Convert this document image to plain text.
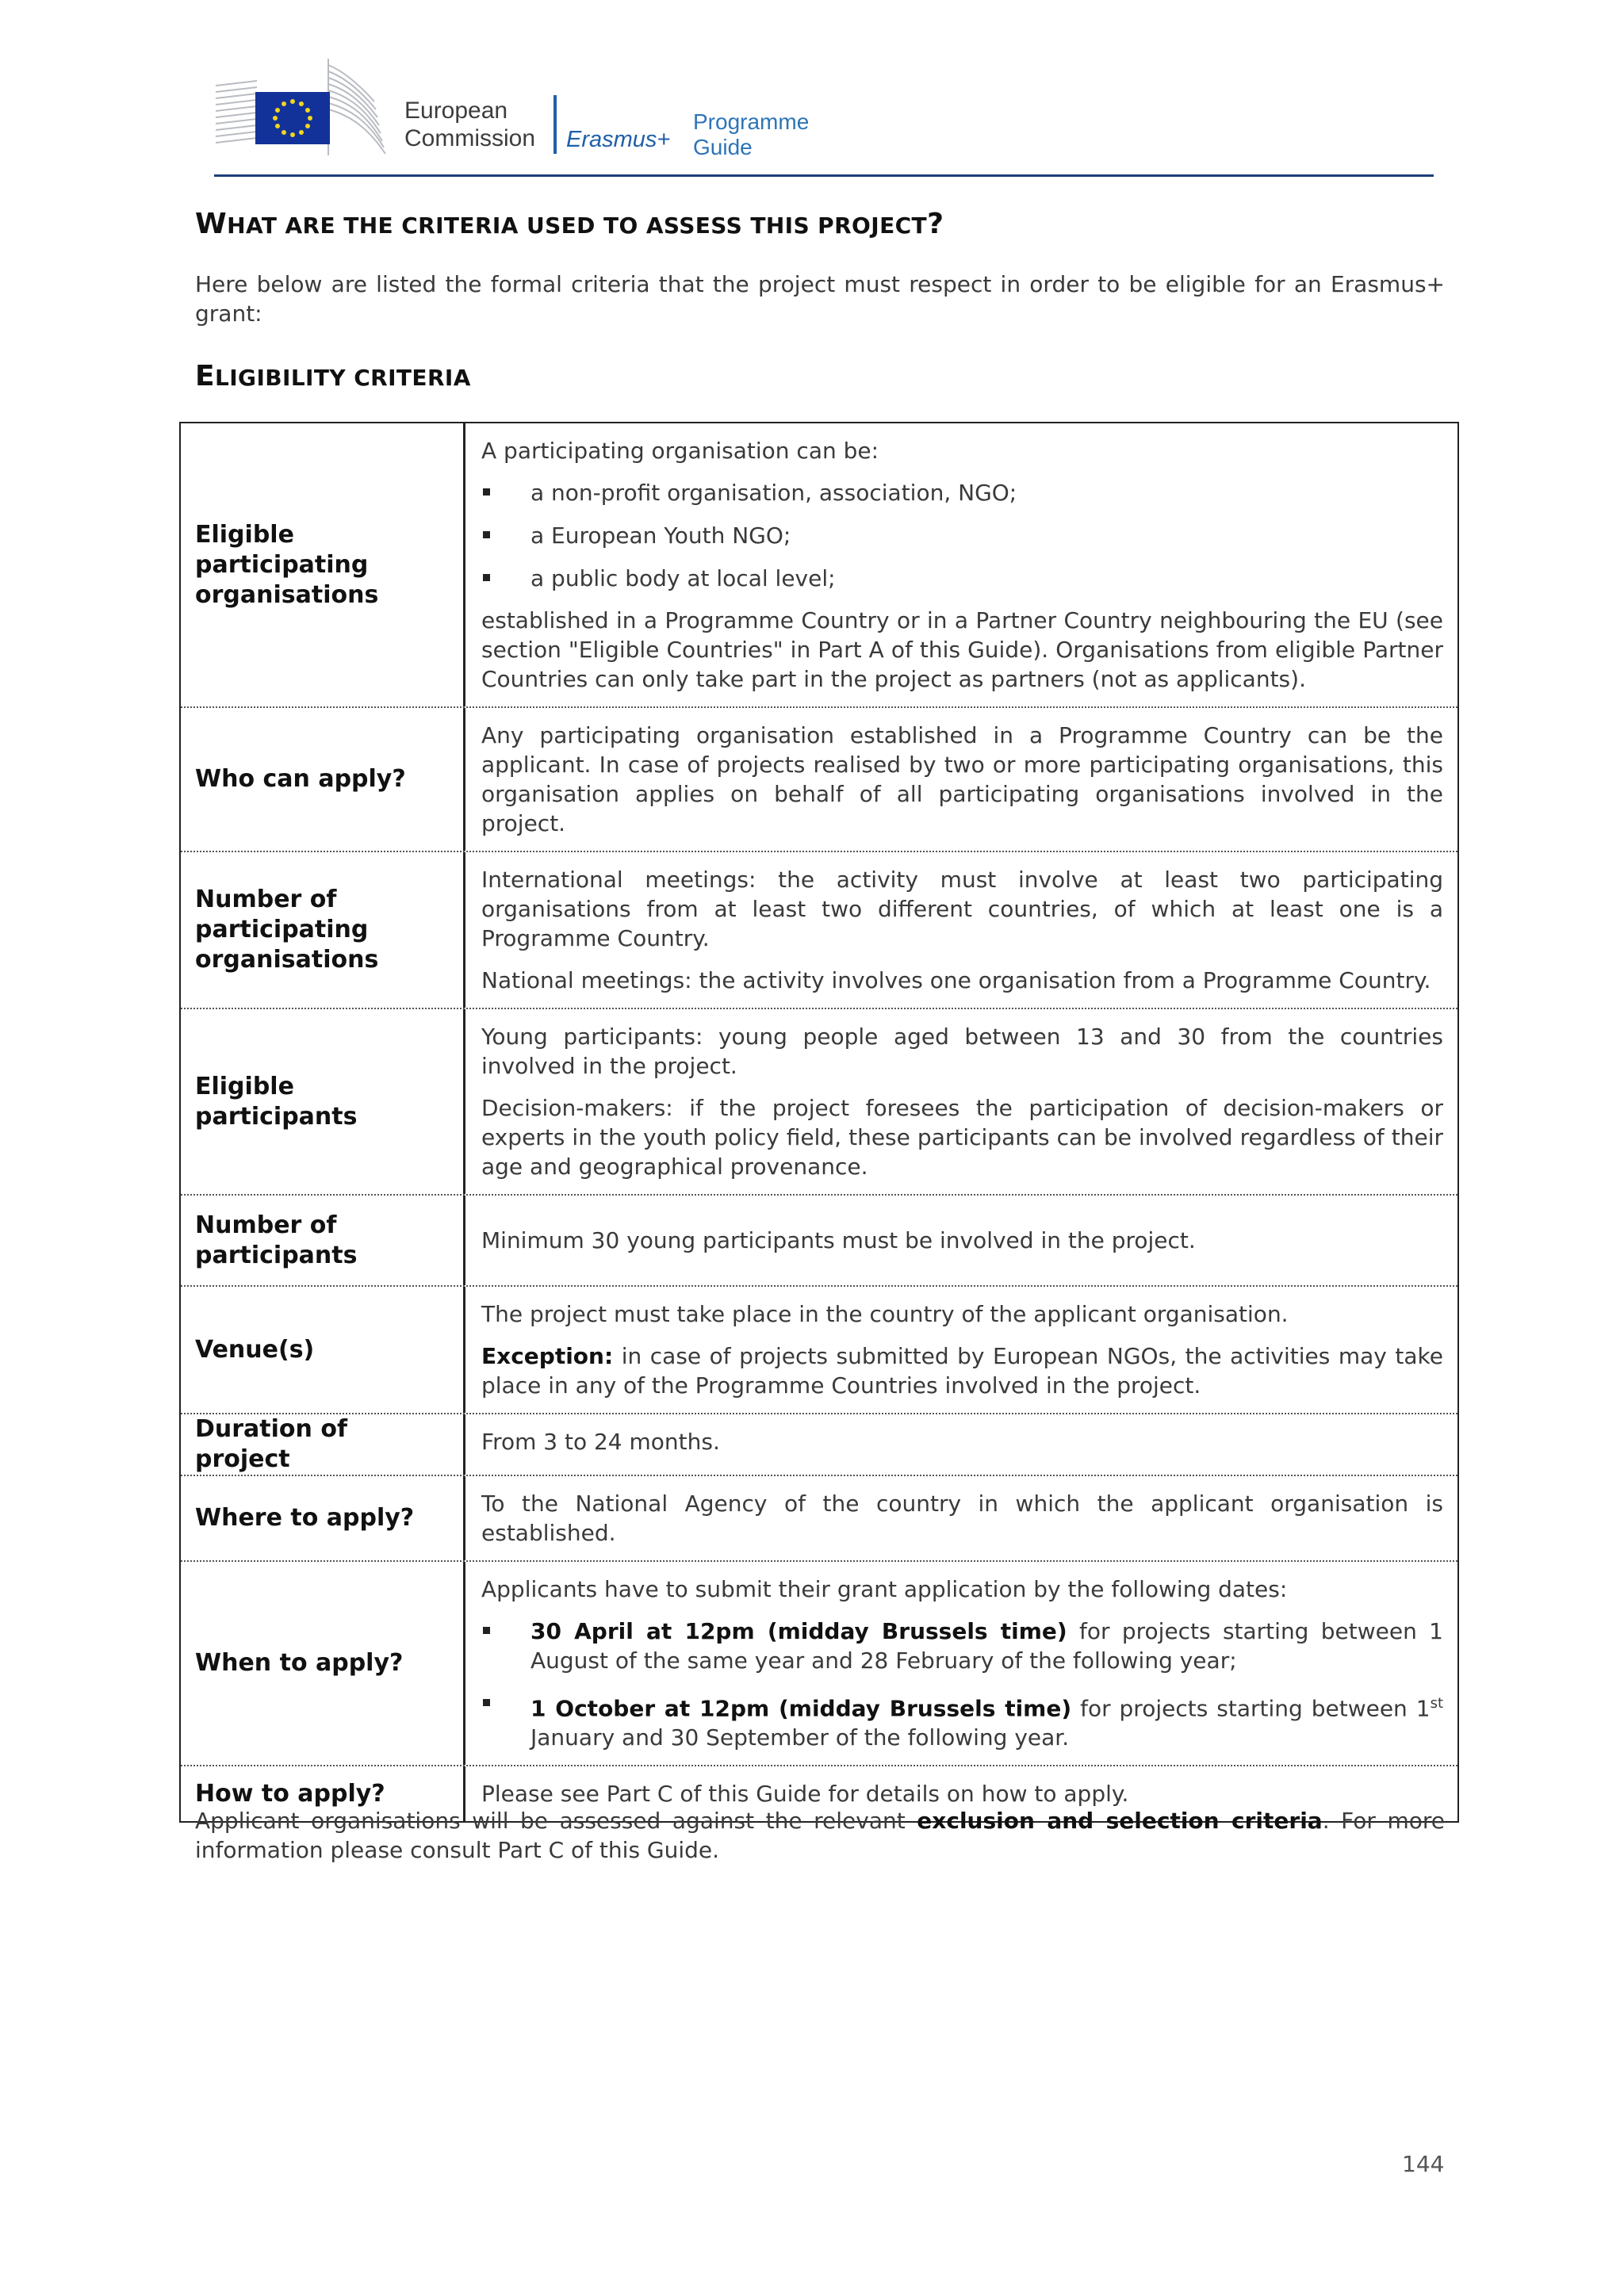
European
Commission Erasmus+
Programme
Guide
WHAT ARE THE CRITERIA USED TO ASSESS THIS PROJECT?
Here below are listed the formal criteria that the project must respect in order to be eligible for an Erasmus+ grant:
ELIGIBILITY CRITERIA
Eligible participating organisations

A participating organisation can be:

a non-profit organisation, association, NGO;
a European Youth NGO;
a public body at local level;

established in a Programme Country or in a Partner Country neighbouring the EU (see section "Eligible Countries" in Part A of this Guide). Organisations from eligible Partner Countries can only take part in the project as partners (not as applicants).

Who can apply?

Any participating organisation established in a Programme Country can be the applicant. In case of projects realised by two or more participating organisations, this organisation applies on behalf of all participating organisations involved in the project.

Number of participating organisations

International meetings: the activity must involve at least two participating organisations from at least two different countries, of which at least one is a Programme Country.

National meetings: the activity involves one organisation from a Programme Country.

Eligible participants

Young participants: young people aged between 13 and 30 from the countries involved in the project.

Decision-makers: if the project foresees the participation of decision-makers or experts in the youth policy field, these participants can be involved regardless of their age and geographical provenance.

Number of participants

Minimum 30 young participants must be involved in the project.

Venue(s)

The project must take place in the country of the applicant organisation.

Exception: in case of projects submitted by European NGOs, the activities may take place in any of the Programme Countries involved in the project.

Duration of project

From 3 to 24 months.

Where to apply?

To the National Agency of the country in which the applicant organisation is established.

When to apply?

Applicants have to submit their grant application by the following dates:

30 April at 12pm (midday Brussels time) for projects starting between 1 August of the same year and 28 February of the following year;
1 October at 12pm (midday Brussels time) for projects starting between 1st January and 30 September of the following year.
How to apply?	Please see Part C of this Guide for details on how to apply.

Applicant organisations will be assessed against the relevant exclusion and selection criteria. For more information please consult Part C of this Guide.
144
